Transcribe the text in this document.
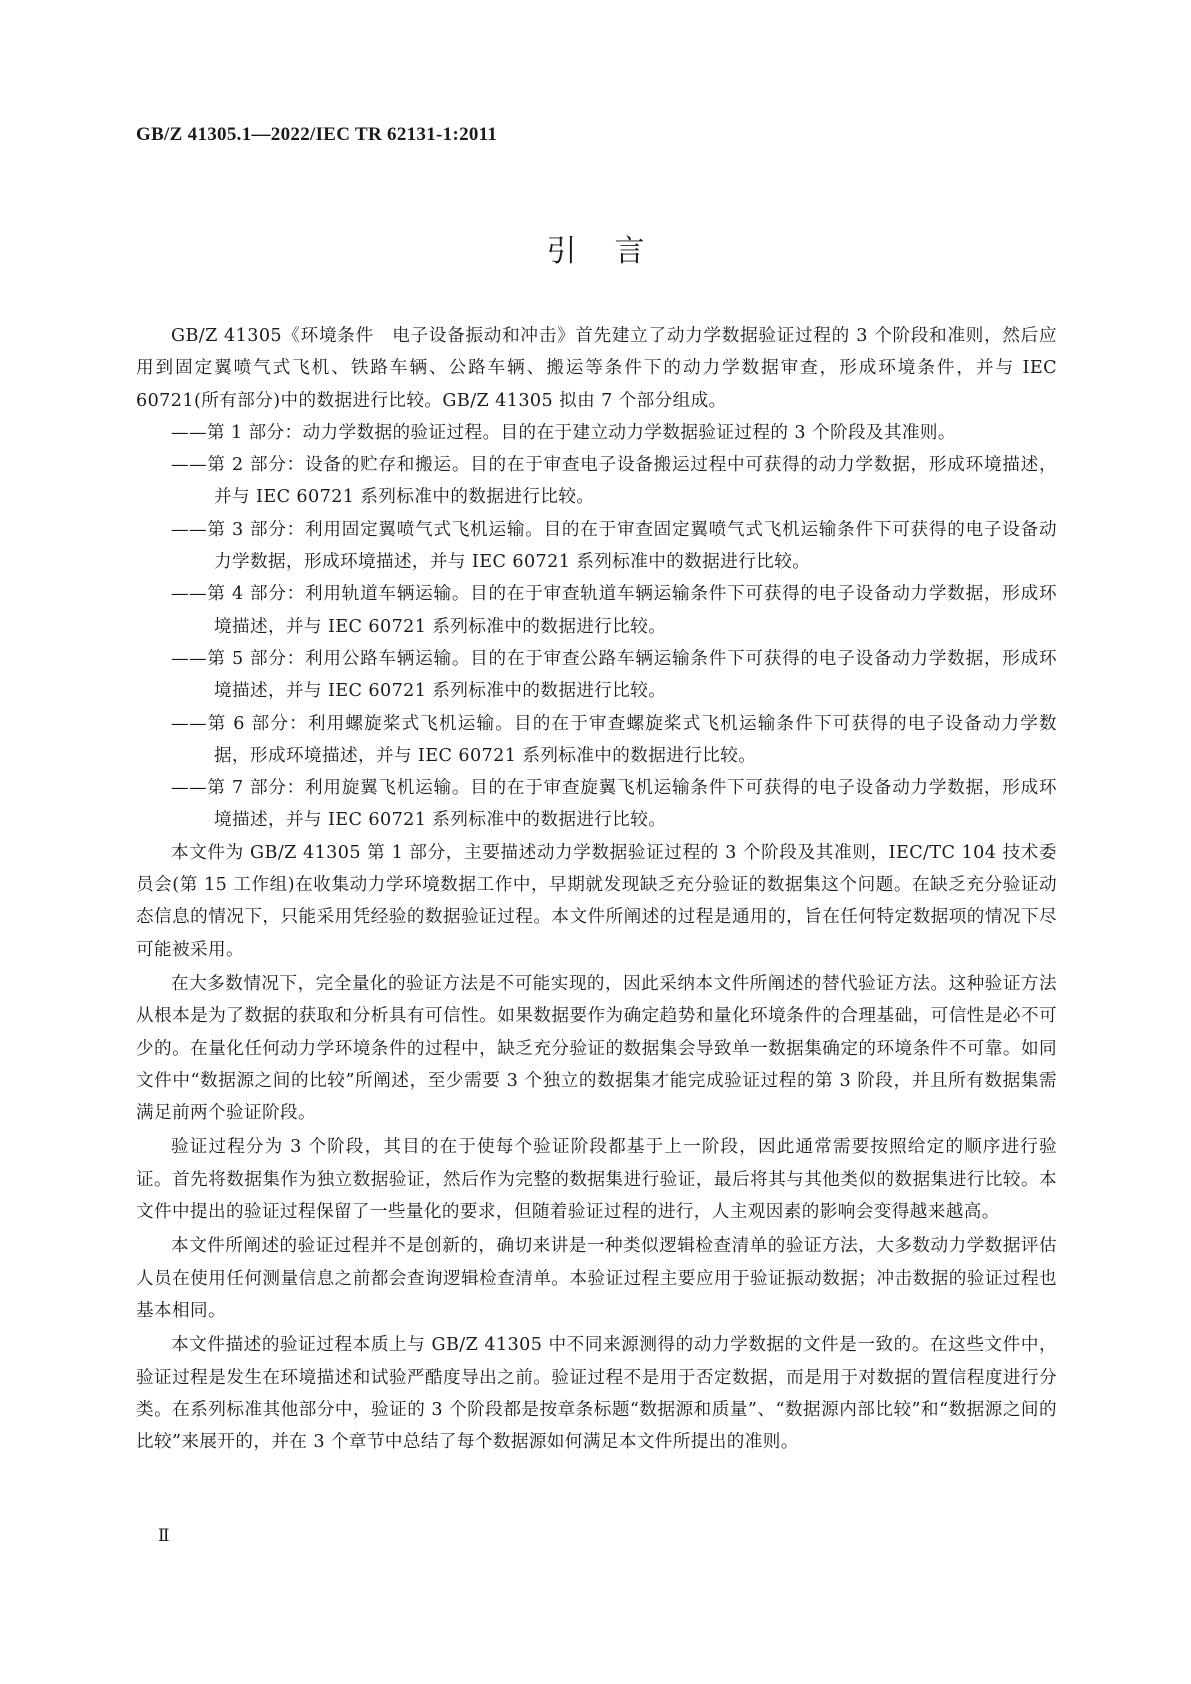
GB/Z 41305.1—2022/IEC TR 62131-1:2011
引言

GB/Z 41305《环境条件　电子设备振动和冲击》首先建立了动力学数据验证过程的 3 个阶段和准则，然后应用到固定翼喷气式飞机、铁路车辆、公路车辆、搬运等条件下的动力学数据审查，形成环境条件，并与 IEC 60721(所有部分)中的数据进行比较。GB/Z 41305 拟由 7 个部分组成。

——第 1 部分：动力学数据的验证过程。目的在于建立动力学数据验证过程的 3 个阶段及其准则。
——第 2 部分：设备的贮存和搬运。目的在于审查电子设备搬运过程中可获得的动力学数据，形成环境描述，并与 IEC 60721 系列标准中的数据进行比较。
——第 3 部分：利用固定翼喷气式飞机运输。目的在于审查固定翼喷气式飞机运输条件下可获得的电子设备动力学数据，形成环境描述，并与 IEC 60721 系列标准中的数据进行比较。
——第 4 部分：利用轨道车辆运输。目的在于审查轨道车辆运输条件下可获得的电子设备动力学数据，形成环境描述，并与 IEC 60721 系列标准中的数据进行比较。
——第 5 部分：利用公路车辆运输。目的在于审查公路车辆运输条件下可获得的电子设备动力学数据，形成环境描述，并与 IEC 60721 系列标准中的数据进行比较。
——第 6 部分：利用螺旋桨式飞机运输。目的在于审查螺旋桨式飞机运输条件下可获得的电子设备动力学数据，形成环境描述，并与 IEC 60721 系列标准中的数据进行比较。
——第 7 部分：利用旋翼飞机运输。目的在于审查旋翼飞机运输条件下可获得的电子设备动力学数据，形成环境描述，并与 IEC 60721 系列标准中的数据进行比较。

本文件为 GB/Z 41305 第 1 部分，主要描述动力学数据验证过程的 3 个阶段及其准则，IEC/TC 104 技术委员会(第 15 工作组)在收集动力学环境数据工作中，早期就发现缺乏充分验证的数据集这个问题。在缺乏充分验证动态信息的情况下，只能采用凭经验的数据验证过程。本文件所阐述的过程是通用的，旨在任何特定数据项的情况下尽可能被采用。

在大多数情况下，完全量化的验证方法是不可能实现的，因此采纳本文件所阐述的替代验证方法。这种验证方法从根本是为了数据的获取和分析具有可信性。如果数据要作为确定趋势和量化环境条件的合理基础，可信性是必不可少的。在量化任何动力学环境条件的过程中，缺乏充分验证的数据集会导致单一数据集确定的环境条件不可靠。如同文件中“数据源之间的比较”所阐述，至少需要 3 个独立的数据集才能完成验证过程的第 3 阶段，并且所有数据集需满足前两个验证阶段。

验证过程分为 3 个阶段，其目的在于使每个验证阶段都基于上一阶段，因此通常需要按照给定的顺序进行验证。首先将数据集作为独立数据验证，然后作为完整的数据集进行验证，最后将其与其他类似的数据集进行比较。本文件中提出的验证过程保留了一些量化的要求，但随着验证过程的进行，人主观因素的影响会变得越来越高。

本文件所阐述的验证过程并不是创新的，确切来讲是一种类似逻辑检查清单的验证方法，大多数动力学数据评估人员在使用任何测量信息之前都会查询逻辑检查清单。本验证过程主要应用于验证振动数据；冲击数据的验证过程也基本相同。

本文件描述的验证过程本质上与 GB/Z 41305 中不同来源测得的动力学数据的文件是一致的。在这些文件中，验证过程是发生在环境描述和试验严酷度导出之前。验证过程不是用于否定数据，而是用于对数据的置信程度进行分类。在系列标准其他部分中，验证的 3 个阶段都是按章条标题“数据源和质量”、“数据源内部比较”和“数据源之间的比较”来展开的，并在 3 个章节中总结了每个数据源如何满足本文件所提出的准则。

Ⅱ
